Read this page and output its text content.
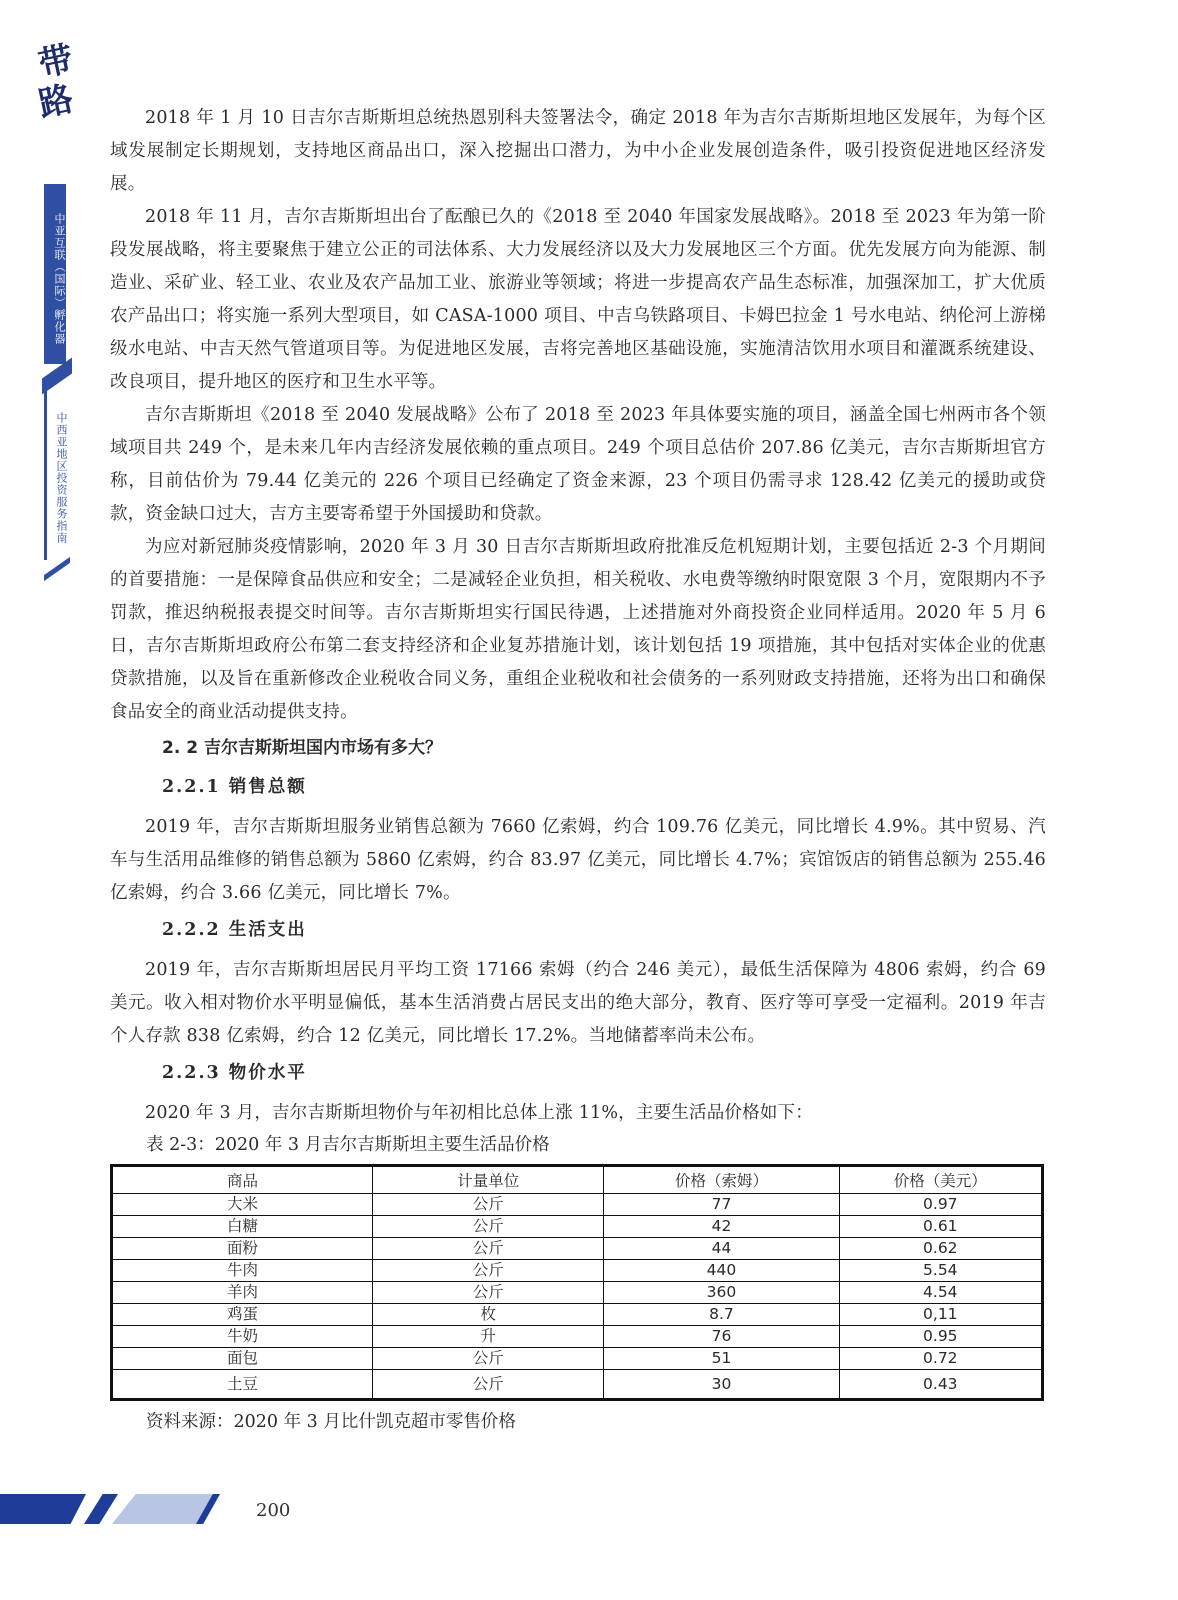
带
路
中亚互联（国际）孵化器
中西亚地区投资服务指南

2018 年 1 月 10 日吉尔吉斯斯坦总统热恩别科夫签署法令，确定 2018 年为吉尔吉斯斯坦地区发展年，为每个区域发展制定长期规划，支持地区商品出口，深入挖掘出口潜力，为中小企业发展创造条件，吸引投资促进地区经济发展。

2018 年 11 月，吉尔吉斯斯坦出台了酝酿已久的《2018 至 2040 年国家发展战略》。2018 至 2023 年为第一阶段发展战略，将主要聚焦于建立公正的司法体系、大力发展经济以及大力发展地区三个方面。优先发展方向为能源、制造业、采矿业、轻工业、农业及农产品加工业、旅游业等领域；将进一步提高农产品生态标准，加强深加工，扩大优质农产品出口；将实施一系列大型项目，如 CASA-1000 项目、中吉乌铁路项目、卡姆巴拉金 1 号水电站、纳伦河上游梯级水电站、中吉天然气管道项目等。为促进地区发展，吉将完善地区基础设施，实施清洁饮用水项目和灌溉系统建设、改良项目，提升地区的医疗和卫生水平等。

吉尔吉斯斯坦《2018 至 2040 发展战略》公布了 2018 至 2023 年具体要实施的项目，涵盖全国七州两市各个领域项目共 249 个，是未来几年内吉经济发展依赖的重点项目。249 个项目总估价 207.86 亿美元，吉尔吉斯斯坦官方称，目前估价为 79.44 亿美元的 226 个项目已经确定了资金来源，23 个项目仍需寻求 128.42 亿美元的援助或贷款，资金缺口过大，吉方主要寄希望于外国援助和贷款。

为应对新冠肺炎疫情影响，2020 年 3 月 30 日吉尔吉斯斯坦政府批准反危机短期计划，主要包括近 2-3 个月期间的首要措施：一是保障食品供应和安全；二是减轻企业负担，相关税收、水电费等缴纳时限宽限 3 个月，宽限期内不予罚款，推迟纳税报表提交时间等。吉尔吉斯斯坦实行国民待遇，上述措施对外商投资企业同样适用。2020 年 5 月 6 日，吉尔吉斯斯坦政府公布第二套支持经济和企业复苏措施计划，该计划包括 19 项措施，其中包括对实体企业的优惠贷款措施，以及旨在重新修改企业税收合同义务，重组企业税收和社会债务的一系列财政支持措施，还将为出口和确保食品安全的商业活动提供支持。

2. 2 吉尔吉斯斯坦国内市场有多大？
2.2.1 销售总额

2019 年，吉尔吉斯斯坦服务业销售总额为 7660 亿索姆，约合 109.76 亿美元，同比增长 4.9%。其中贸易、汽车与生活用品维修的销售总额为 5860 亿索姆，约合 83.97 亿美元，同比增长 4.7%；宾馆饭店的销售总额为 255.46 亿索姆，约合 3.66 亿美元，同比增长 7%。

2.2.2 生活支出

2019 年，吉尔吉斯斯坦居民月平均工资 17166 索姆（约合 246 美元），最低生活保障为 4806 索姆，约合 69 美元。收入相对物价水平明显偏低，基本生活消费占居民支出的绝大部分，教育、医疗等可享受一定福利。2019 年吉个人存款 838 亿索姆，约合 12 亿美元，同比增长 17.2%。当地储蓄率尚未公布。

2.2.3 物价水平

2020 年 3 月，吉尔吉斯斯坦物价与年初相比总体上涨 11%，主要生活品价格如下：

表 2-3：2020 年 3 月吉尔吉斯斯坦主要生活品价格

商品	计量单位	价格（索姆）	价格（美元）
大米	公斤	77	0.97
白糖	公斤	42	0.61
面粉	公斤	44	0.62
牛肉	公斤	440	5.54
羊肉	公斤	360	4.54
鸡蛋	枚	8.7	0,11
牛奶	升	76	0.95
面包	公斤	51	0.72
土豆	公斤	30	0.43

资料来源：2020 年 3 月比什凯克超市零售价格

200
